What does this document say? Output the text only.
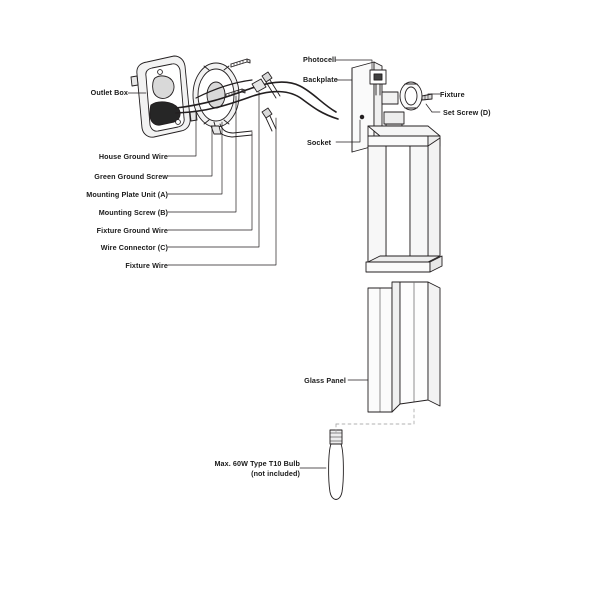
Outlet Box
Photocell
Backplate
Fixture
Set Screw (D)
Socket
House Ground Wire
Green Ground Screw
Mounting Plate Unit (A)
Mounting Screw (B)
Fixture Ground Wire
Wire Connector (C)
Fixture Wire
Glass Panel
Max. 60W Type T10 Bulb
(not included)
